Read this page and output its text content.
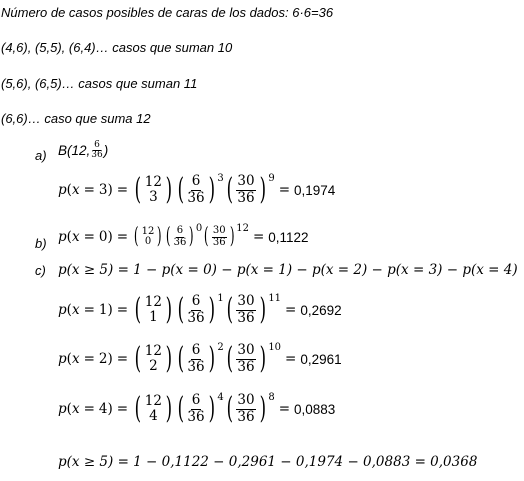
Número de casos posibles de caras de los dados: 6·6=36
(4,6), (5,5), (6,4)… casos que suman 10
(5,6), (6,5)… casos que suman 11
(6,6)… caso que suma 12
a) B(12, $\frac{6}{36}$ )
p ( x = 3 ) = ( 12
3 ) ( $\frac{6}{36}$ ) $^3$ ( $\frac{30}{36}$ ) $^9$
= 0,1974
b) p ( x = 0 ) = ( 12
0 ) ( $\frac{6}{36} )^0$ ( $\frac{30}{36} )^{12}$
= 0,1122
c) p(x ≥ 5) = 1 − p(x = 0) − p(x = 1) − p(x = 2) − p(x = 3) − p(x = 4)
p ( x = 1 ) = ( 12
1 ) ( $\frac{6}{36}$ ) $^1$ ( $\frac{30}{36}$ ) $^{11}$
= 0,2692
p ( x = 2 ) = ( 12
2 ) ( $\frac{6}{36}$ ) $^2$ ( $\frac{30}{36}$ ) $^{10}$
= 0,2961
p ( x = 4 ) = ( 12
4 ) ( $\frac{6}{36}$ ) $^4$ ( $\frac{30}{36}$ ) $^8$
= 0,0883
p(x ≥ 5) = 1 − 0,1122 − 0,2961 − 0,1974 − 0,0883 = 0,0368
